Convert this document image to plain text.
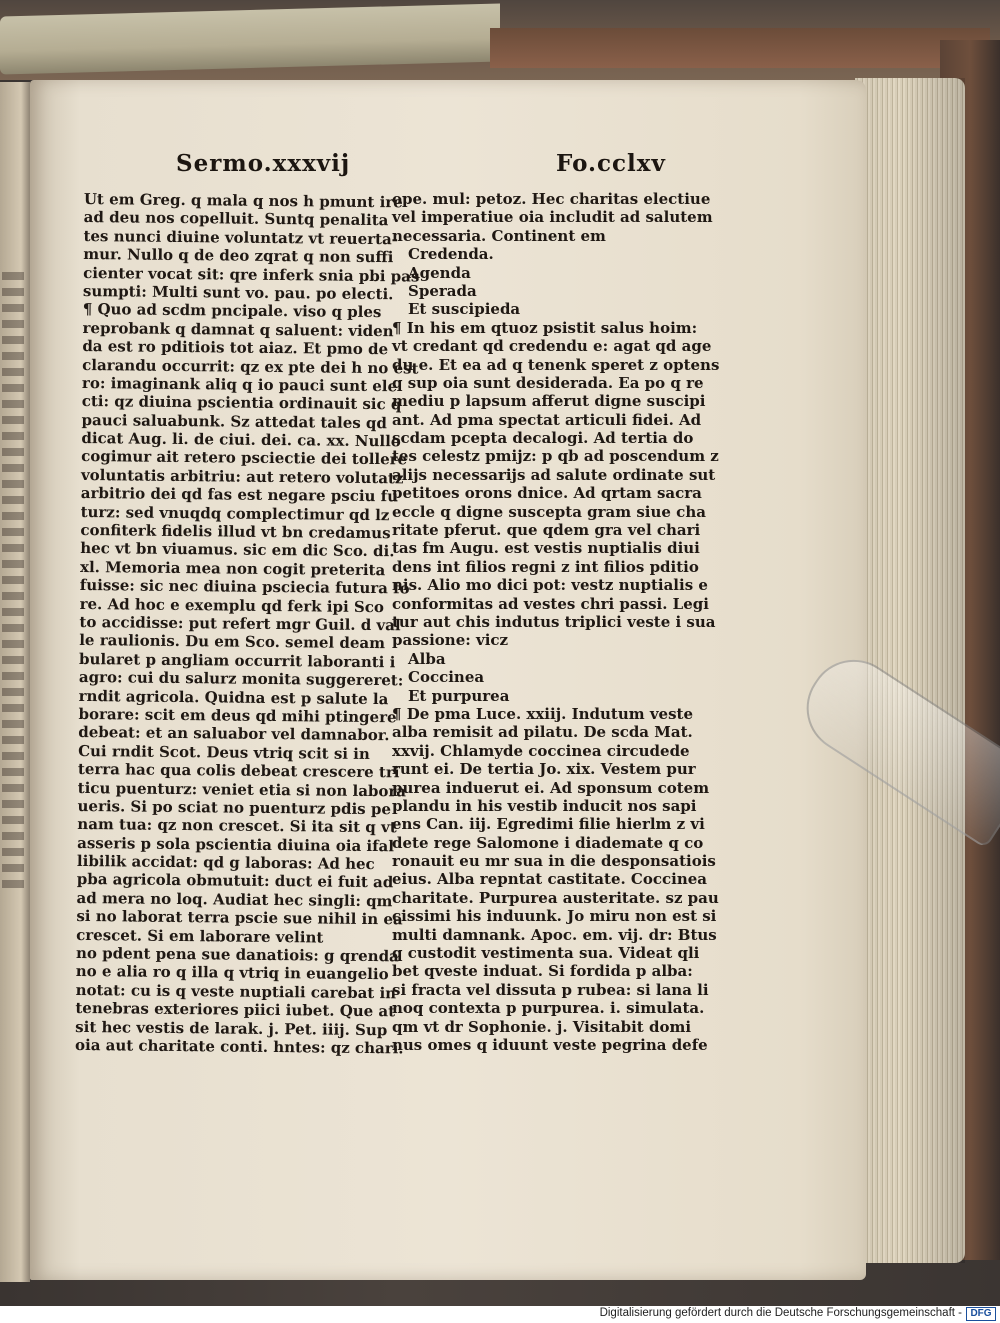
Sermo.xxxvij	Fo.cclxv
Ut em Greg. q mala q nos h pmunt ire
ad deu nos copelluit. Suntq penalita
tes nunci diuine voluntatz vt reuerta-
mur. Nullo q de deo zqrat q non suffi
cienter vocat sit: qre inferk snia pbi pas
sumpti: Multi sunt vo. pau. po electi.
¶ Quo ad scdm pncipale. viso q ples
reprobank q damnat q saluent: viden
da est ro pditiois tot aiaz. Et pmo de
clarandu occurrit: qz ex pte dei h no est
ro: imaginank aliq q io pauci sunt ele
cti: qz diuina pscientia ordinauit sic q
pauci saluabunk. Sz attedat tales qd
dicat Aug. li. de ciui. dei. ca. xx. Nullo
cogimur ait retero psciectie dei tollere
voluntatis arbitriu: aut retero volutatz
arbitrio dei qd fas est negare psciu fu
turz: sed vnuqdq complectimur qd lz
confiterk fidelis illud vt bn credamus
hec vt bn viuamus. sic em dic Sco. di.
xl. Memoria mea non cogit preterita
fuisse: sic nec diuina psciecia futura fo
re. Ad hoc e exemplu qd ferk ipi Sco
to accidisse: put refert mgr Guil. d val
le raulionis. Du em Sco. semel deam
bularet p angliam occurrit laboranti i
agro: cui du salurz monita suggereret:
rndit agricola. Quidna est p salute la
borare: scit em deus qd mihi ptingere
debeat: et an saluabor vel damnabor.
Cui rndit Scot. Deus vtriq scit si in
terra hac qua colis debeat crescere tri
ticu puenturz: veniet etia si non labora
ueris. Si po sciat no puenturz pdis pe
nam tua: qz non crescet. Si ita sit q vt
asseris p sola pscientia diuina oia ifal
libilik accidat: qd g laboras: Ad hec
pba agricola obmutuit: duct ei fuit ad
ad mera no loq. Audiat hec singli: qm
si no laborat terra pscie sue nihil in ea
crescet. Si em laborare velint
no pdent pena sue danatiois: g qrenda
no e alia ro q illa q vtriq in euangelio
notat: cu is q veste nuptiali carebat in
tenebras exteriores piici iubet. Que at
sit hec vestis de larak. j. Pet. iiij. Sup
oia aut charitate conti. hntes: qz chari.
ope. mul: petoz. Hec charitas electiue
vel imperatiue oia includit ad salutem
necessaria. Continent em
Credenda.
Agenda
Sperada
Et suscipieda
¶ In his em qtuoz psistit salus hoim:
vt credant qd credendu e: agat qd age
du e. Et ea ad q tenenk speret z optens
q sup oia sunt desiderada. Ea po q re
mediu p lapsum afferut digne suscipi
ant. Ad pma spectat articuli fidei. Ad
scdam pcepta decalogi. Ad tertia do
tes celestz pmijz: p qb ad poscendum z
alijs necessarijs ad salute ordinate sut
petitoes orons dnice. Ad qrtam sacra
eccle q digne suscepta gram siue cha
ritate pferut. que qdem gra vel chari
tas fm Augu. est vestis nuptialis diui
dens int filios regni z int filios pditio
nis. Alio mo dici pot: vestz nuptialis e
conformitas ad vestes chri passi. Legi
tur aut chis indutus triplici veste i sua
passione: vicz
Alba
Coccinea
Et purpurea
¶ De pma Luce. xxiij. Indutum veste
alba remisit ad pilatu. De scda Mat.
xxvij. Chlamyde coccinea circudede
runt ei. De tertia Jo. xix. Vestem pur
purea induerut ei. Ad sponsum cotem
plandu in his vestib inducit nos sapi
ens Can. iij. Egredimi filie hierlm z vi
dete rege Salomone i diademate q co
ronauit eu mr sua in die desponsatiois
eius. Alba repntat castitate. Coccinea
charitate. Purpurea austeritate. sz pau
cissimi his induunk. Jo miru non est si
multi damnank. Apoc. em. vij. dr: Btus
q custodit vestimenta sua. Videat qli
bet qveste induat. Si fordida p alba:
si fracta vel dissuta p rubea: si lana li
noq contexta p purpurea. i. simulata.
qm vt dr Sophonie. j. Visitabit domi
nus omes q iduunt veste pegrina defe
Digitalisierung gefördert durch die Deutsche Forschungsgemeinschaft - DFG
